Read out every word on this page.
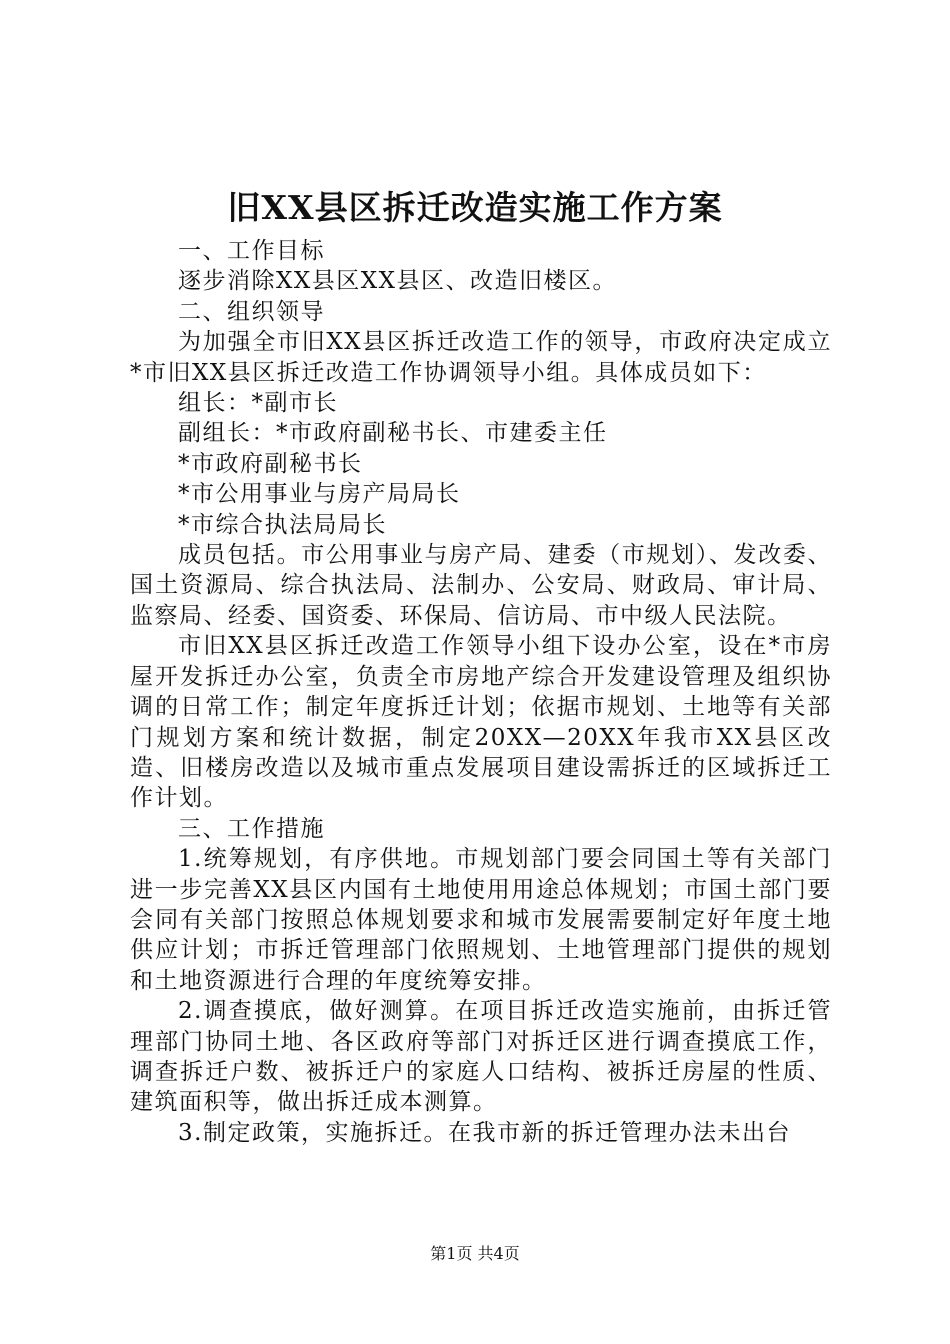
旧XX县区拆迁改造实施工作方案

一、工作目标

逐步消除XX县区XX县区、改造旧楼区。

二、组织领导

为加强全市旧XX县区拆迁改造工作的领导，市政府决定成立*市旧XX县区拆迁改造工作协调领导小组。具体成员如下：

组长：*副市长

副组长：*市政府副秘书长、市建委主任

*市政府副秘书长

*市公用事业与房产局局长

*市综合执法局局长

成员包括。市公用事业与房产局、建委（市规划）、发改委、国土资源局、综合执法局、法制办、公安局、财政局、审计局、监察局、经委、国资委、环保局、信访局、市中级人民法院。

市旧XX县区拆迁改造工作领导小组下设办公室，设在*市房屋开发拆迁办公室，负责全市房地产综合开发建设管理及组织协调的日常工作；制定年度拆迁计划；依据市规划、土地等有关部门规划方案和统计数据，制定20XX—20XX年我市XX县区改造、旧楼房改造以及城市重点发展项目建设需拆迁的区域拆迁工作计划。

三、工作措施

1.统筹规划，有序供地。市规划部门要会同国土等有关部门进一步完善XX县区内国有土地使用用途总体规划；市国土部门要会同有关部门按照总体规划要求和城市发展需要制定好年度土地供应计划；市拆迁管理部门依照规划、土地管理部门提供的规划和土地资源进行合理的年度统筹安排。

2.调查摸底，做好测算。在项目拆迁改造实施前，由拆迁管理部门协同土地、各区政府等部门对拆迁区进行调查摸底工作，调查拆迁户数、被拆迁户的家庭人口结构、被拆迁房屋的性质、建筑面积等，做出拆迁成本测算。

3.制定政策，实施拆迁。在我市新的拆迁管理办法未出台

第1页 共4页
